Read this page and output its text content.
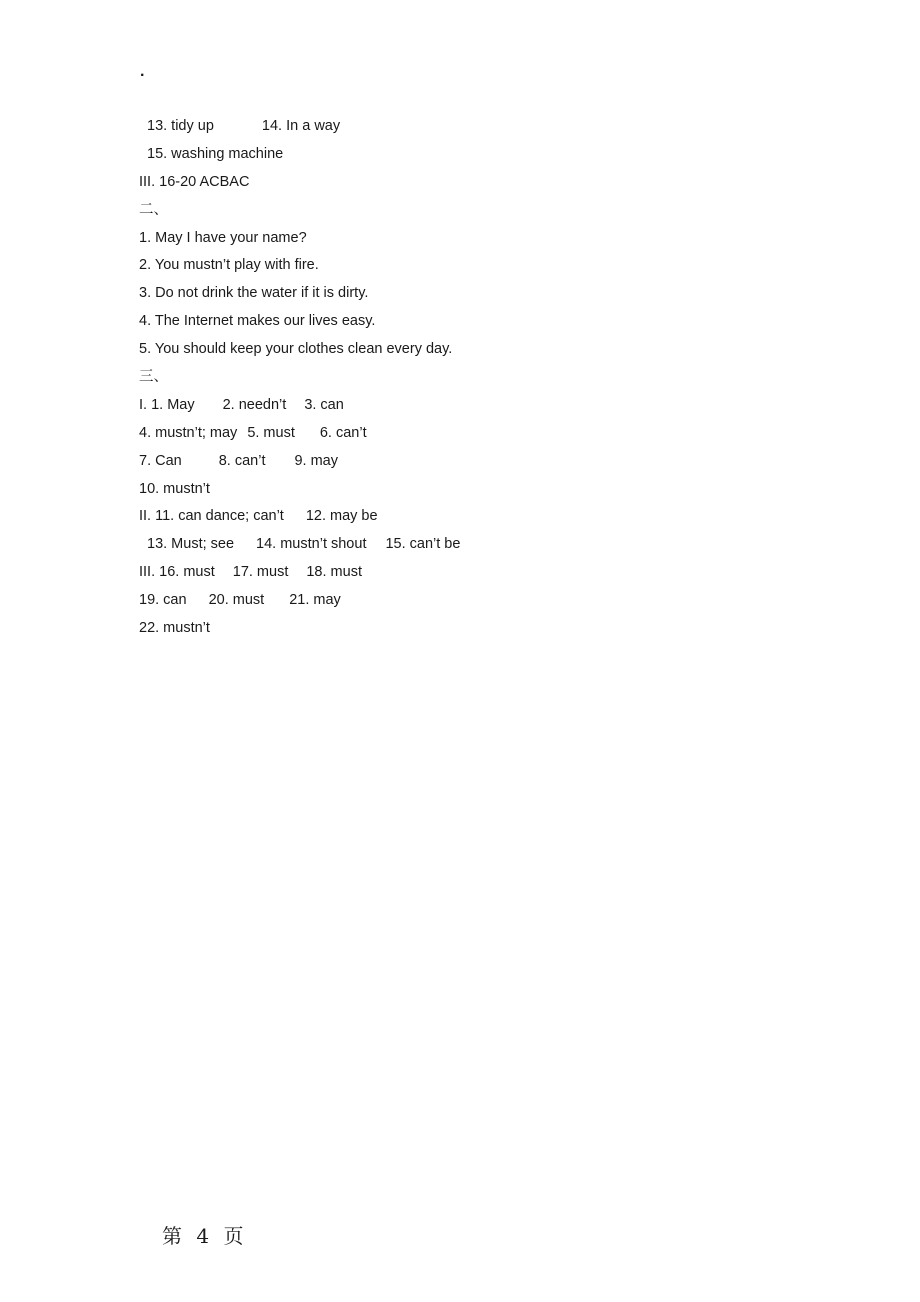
.
13. tidy up	14. In a way
15. washing machine
III. 16-20 ACBAC
二、
1. May I have your name?
2. You mustn’t play with fire.
3. Do not drink the water if it is dirty.
4. The Internet makes our lives easy.
5. You should keep your clothes clean every day.
三、
I. 1. May 2. needn’t 3. can
4. mustn’t; may 5. must 6. can’t
7. Can	8. can’t 9. may
10. mustn’t
II. 11. can dance; can’t 12. may be
13. Must; see 14. mustn’t shout 15. can’t be
III. 16. must 17. must 18. must
19. can 20. must 21. may
22. mustn’t
第 4 页
